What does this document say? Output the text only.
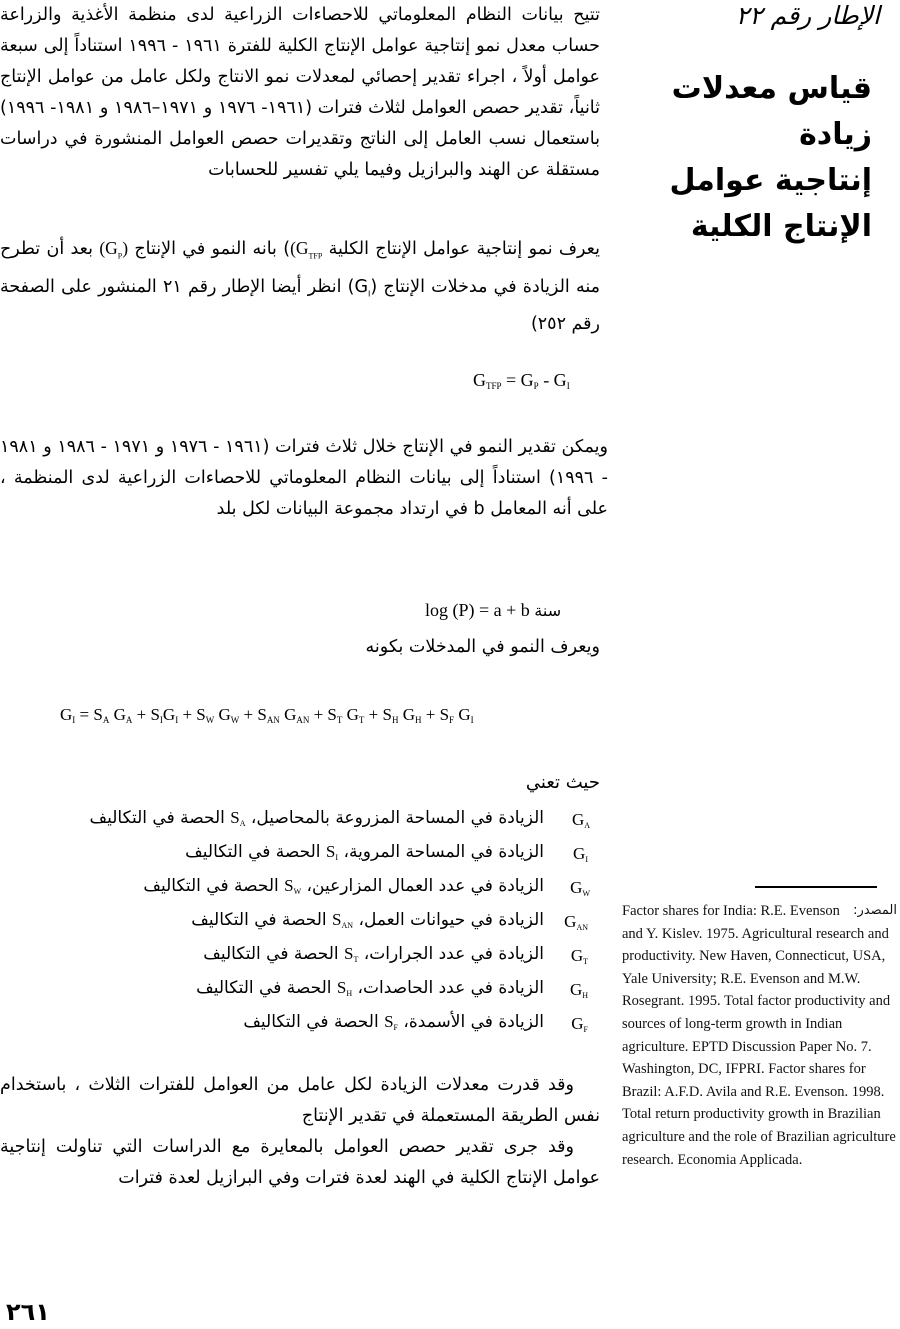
الإطار رقم ٢٢
قياس معدلات زيادة
إنتاجية عوامل
الإنتاج الكلية

تتيح بيانات النظام المعلوماتي للاحصاءات الزراعية لدى منظمة الأغذية والزراعة حساب معدل نمو إنتاجية عوامل الإنتاج الكلية للفترة ١٩٦١ - ١٩٩٦ استناداً إلى سبعة عوامل أولاً ، اجراء تقدير إحصائي لمعدلات نمو الانتاج ولكل عامل من عوامل الإنتاج ثانياً، تقدير حصص العوامل لثلاث فترات (١٩٦١- ١٩٧٦ و ١٩٧١–١٩٨٦ و ١٩٨١- ١٩٩٦) باستعمال نسب العامل إلى الناتج وتقديرات حصص العوامل المنشورة في دراسات مستقلة عن الهند والبرازيل وفيما يلي تفسير للحسابات

يعرف نمو إنتاجية عوامل الإنتاج الكلية $(G_{TFP})$ بانه النمو في الإنتاج $(G_P)$ بعد أن تطرح منه الزيادة في مدخلات الإنتاج $(G_I)$ انظر أيضا الإطار رقم ٢١ المنشور على الصفحة رقم ٢٥٢)

$G_{TFP} = G_P - G_I$

ويمكن تقدير النمو في الإنتاج خلال ثلاث فترات (١٩٦١ - ١٩٧٦ و ١٩٧١ - ١٩٨٦ و ١٩٨١ - ١٩٩٦) استناداً إلى بيانات النظام المعلوماتي للاحصاءات الزراعية لدى المنظمة ، على أنه المعامل b في ارتداد مجموعة البيانات لكل بلد

log (P) = a + b سنة
ويعرف النمو في المدخلات بكونه
$G_I = S_A$ $G_A + S_IG_I + S_W$ $G_W + S_{AN}$ $G_{AN} + S_T$ $G_T + S_H$ $G_H + S_F$ $G_I$
حيث تعني
$G_A$
الزيادة في المساحة المزروعة بالمحاصيل، $S_A$ الحصة في التكاليف
$G_I$
الزيادة في المساحة المروية، $S_I$ الحصة في التكاليف
$G_W$
الزيادة في عدد العمال المزارعين، $S_W$ الحصة في التكاليف
$G_{AN}$
الزيادة في حيوانات العمل، $S_{AN}$ الحصة في التكاليف
$G_T$
الزيادة في عدد الجرارات، $S_T$ الحصة في التكاليف
$G_H$
الزيادة في عدد الحاصدات، $S_H$ الحصة في التكاليف
$G_F$
الزيادة في الأسمدة، $S_F$ الحصة في التكاليف

وقد قدرت معدلات الزيادة لكل عامل من العوامل للفترات الثلاث ، باستخدام نفس الطريقة المستعملة في تقدير الإنتاج

وقد جرى تقدير حصص العوامل بالمعايرة مع الدراسات التي تناولت إنتاجية عوامل الإنتاج الكلية في الهند لعدة فترات وفي البرازيل لعدة فترات

المصدر:
Factor shares for India: R.E. Evenson and Y. Kislev. 1975. Agricultural research and productivity. New Haven, Connecticut, USA, Yale University; R.E. Evenson and M.W. Rosegrant. 1995. Total factor productivity and sources of long-term growth in Indian agriculture. EPTD Discussion Paper No. 7. Washington, DC, IFPRI. Factor shares for Brazil: A.F.D. Avila and R.E. Evenson. 1998. Total return productivity growth in Brazilian agriculture and the role of Brazilian agriculture research. Economia Applicada.
٢٦١
